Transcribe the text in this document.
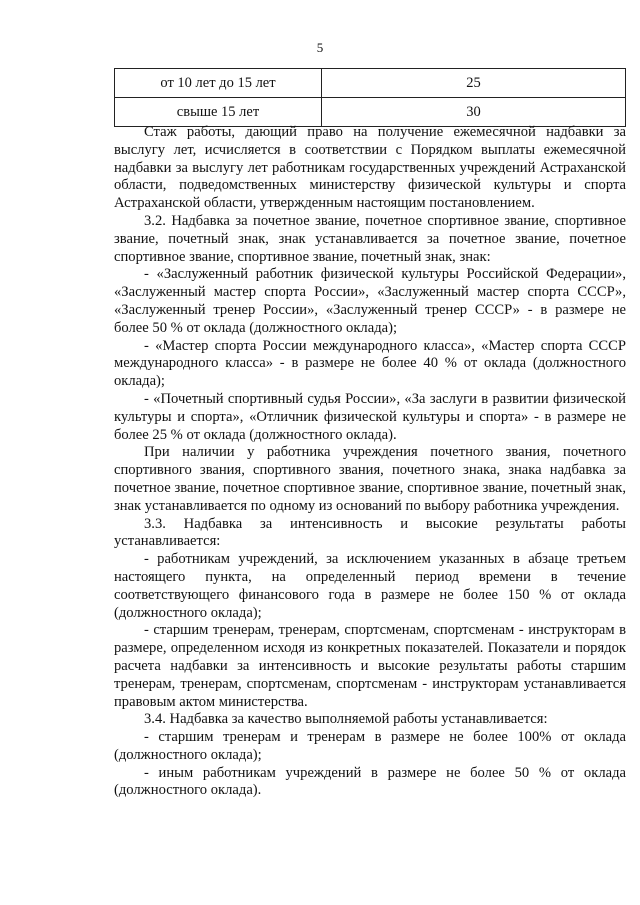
5
от 10 лет до 15 лет	25
свыше 15 лет	30

Стаж работы, дающий право на получение ежемесячной надбавки за выслугу лет, исчисляется в соответствии с Порядком выплаты ежемесячной надбавки за выслугу лет работникам государственных учреждений Астраханской области, подведомственных министерству физической культуры и спорта Астраханской области, утвержденным настоящим постановлением.

3.2. Надбавка за почетное звание, почетное спортивное звание, спортивное звание, почетный знак, знак устанавливается за почетное звание, почетное спортивное звание, спортивное звание, почетный знак, знак:

- «Заслуженный работник физической культуры Российской Федерации», «Заслуженный мастер спорта России», «Заслуженный мастер спорта СССР», «Заслуженный тренер России», «Заслуженный тренер СССР» - в размере не более 50 % от оклада (должностного оклада);

- «Мастер спорта России международного класса», «Мастер спорта СССР международного класса» - в размере не более 40 % от оклада (должностного оклада);

- «Почетный спортивный судья России», «За заслуги в развитии физической культуры и спорта», «Отличник физической культуры и спорта» - в размере не более 25 % от оклада (должностного оклада).

При наличии у работника учреждения почетного звания, почетного спортивного звания, спортивного звания, почетного знака, знака надбавка за почетное звание, почетное спортивное звание, спортивное звание, почетный знак, знак устанавливается по одному из оснований по выбору работника учреждения.

3.3. Надбавка за интенсивность и высокие результаты работы устанавливается:

- работникам учреждений, за исключением указанных в абзаце третьем настоящего пункта, на определенный период времени в течение соответствующего финансового года в размере не более 150 % от оклада (должностного оклада);

- старшим тренерам, тренерам, спортсменам, спортсменам - инструкторам в размере, определенном исходя из конкретных показателей. Показатели и порядок расчета надбавки за интенсивность и высокие результаты работы старшим тренерам, тренерам, спортсменам, спортсменам - инструкторам устанавливается правовым актом министерства.

3.4. Надбавка за качество выполняемой работы устанавливается:

- старшим тренерам и тренерам в размере не более 100% от оклада (должностного оклада);

- иным работникам учреждений в размере не более 50 % от оклада (должностного оклада).
